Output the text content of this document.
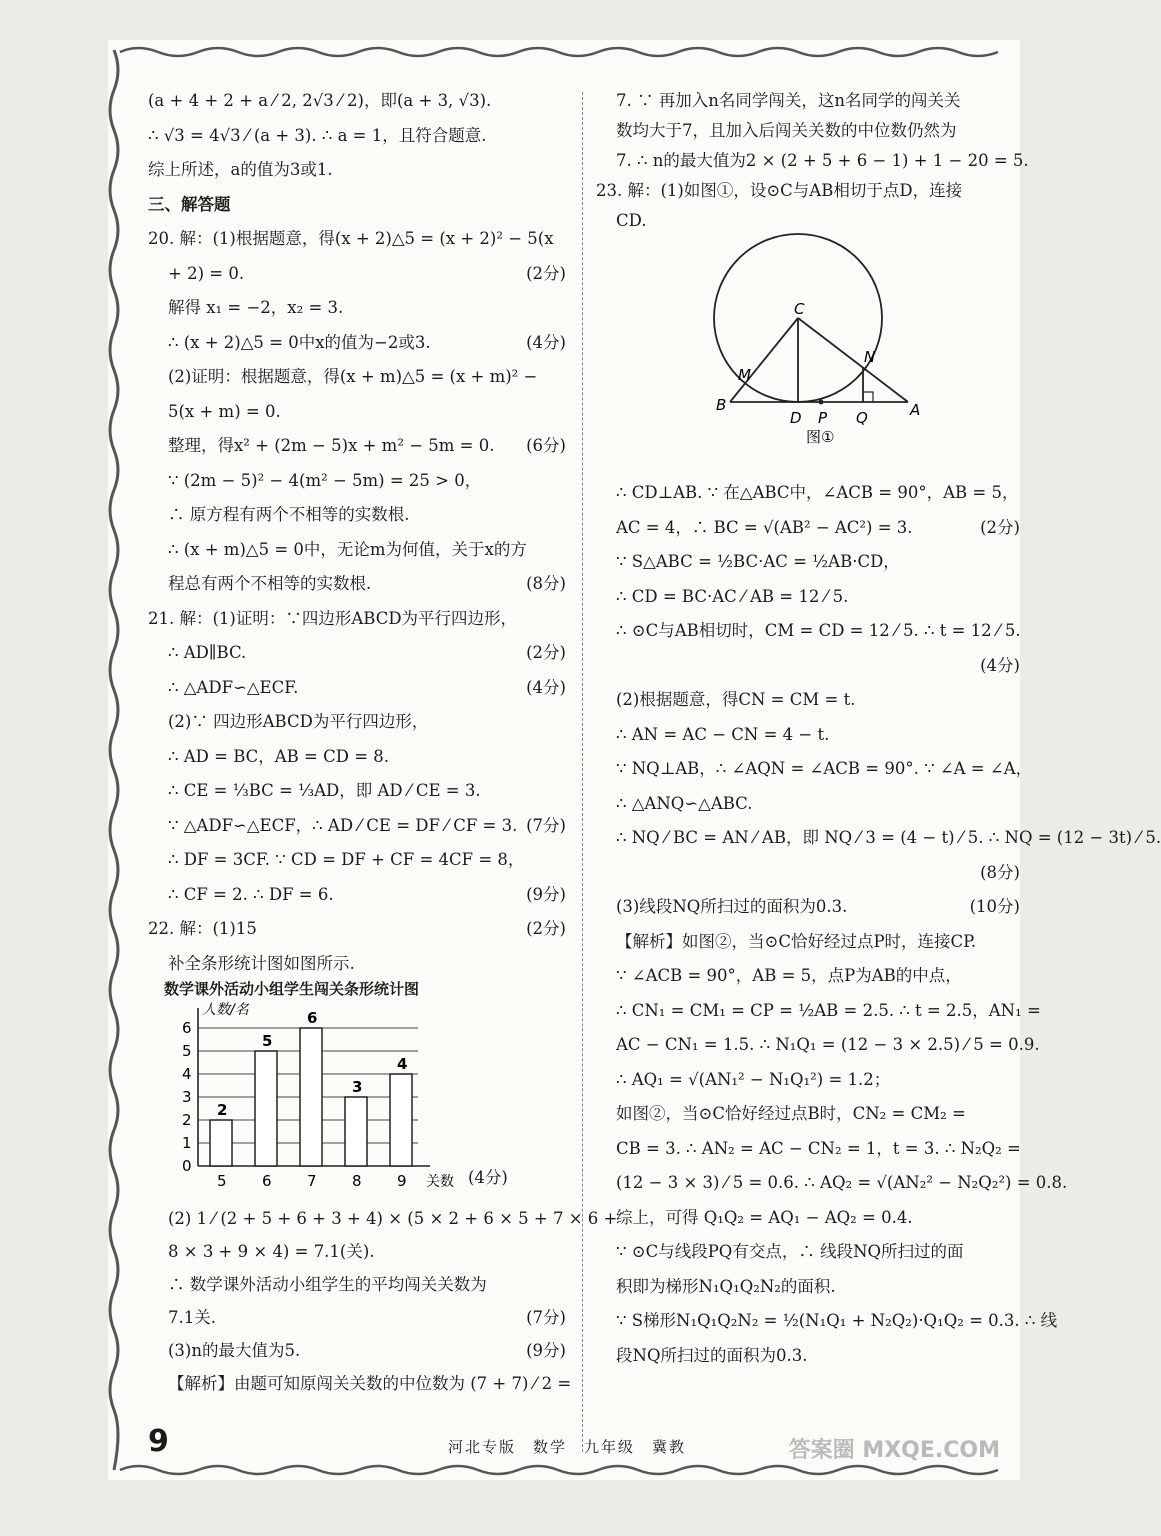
(a + 4 + 2 + a ⁄ 2, 2√3 ⁄ 2)，即(a + 3, √3).
∴ √3 = 4√3 ⁄ (a + 3). ∴ a = 1，且符合题意.
综上所述，a的值为3或1.
三、解答题
20. 解：(1)根据题意，得(x + 2)△5 = (x + 2)² − 5(x
+ 2) = 0.	(2分)
解得 x₁ = −2，x₂ = 3.
∴ (x + 2)△5 = 0中x的值为−2或3.	(4分)
(2)证明：根据题意，得(x + m)△5 = (x + m)² −
5(x + m) = 0.
整理，得x² + (2m − 5)x + m² − 5m = 0. (6分)
∵ (2m − 5)² − 4(m² − 5m) = 25 > 0，
∴ 原方程有两个不相等的实数根.
∴ (x + m)△5 = 0中，无论m为何值，关于x的方
程总有两个不相等的实数根.	(8分)
21. 解：(1)证明：∵四边形ABCD为平行四边形，
∴ AD∥BC.	(2分)
∴ △ADF∽△ECF.	(4分)
(2)∵ 四边形ABCD为平行四边形，
∴ AD = BC，AB = CD = 8.
∴ CE = ⅓BC = ⅓AD，即 AD ⁄ CE = 3.
∵ △ADF∽△ECF，∴ AD ⁄ CE = DF ⁄ CF = 3. (7分)
∴ DF = 3CF. ∵ CD = DF + CF = 4CF = 8，
∴ CF = 2. ∴ DF = 6.	(9分)
22. 解：(1)15	(2分)
补全条形统计图如图所示.
数学课外活动小组学生闯关条形统计图
0
1
2
3
4
5
6
人数/名
关数
2
5
5
6
6
7
3
8
4
9	(4分)
(2) 1 ⁄ (2 + 5 + 6 + 3 + 4) × (5 × 2 + 6 × 5 + 7 × 6 +
8 × 3 + 9 × 4) = 7.1(关).
∴ 数学课外活动小组学生的平均闯关关数为
7.1关.	(7分)
(3)n的最大值为5.	(9分)
【解析】由题可知原闯关关数的中位数为 (7 + 7) ⁄ 2 =
7. ∵ 再加入n名同学闯关，这n名同学的闯关关
数均大于7，且加入后闯关关数的中位数仍然为
7. ∴ n的最大值为2 × (2 + 5 + 6 − 1) + 1 − 20 = 5.
23. 解：(1)如图①，设⊙C与AB相切于点D，连接
CD.
C
M
N
B
D P Q	A
图①
∴ CD⊥AB. ∵ 在△ABC中，∠ACB = 90°，AB = 5，
AC = 4，∴ BC = √(AB² − AC²) = 3.	(2分)
∵ S△ABC = ½BC·AC = ½AB·CD，
∴ CD = BC·AC ⁄ AB = 12 ⁄ 5.
∴ ⊙C与AB相切时，CM = CD = 12 ⁄ 5. ∴ t = 12 ⁄ 5.
(4分)
(2)根据题意，得CN = CM = t.
∴ AN = AC − CN = 4 − t.
∵ NQ⊥AB，∴ ∠AQN = ∠ACB = 90°. ∵ ∠A = ∠A，
∴ △ANQ∽△ABC.
∴ NQ ⁄ BC = AN ⁄ AB，即 NQ ⁄ 3 = (4 − t) ⁄ 5. ∴ NQ = (12 − 3t) ⁄ 5.
(8分)
(3)线段NQ所扫过的面积为0.3.	(10分)
【解析】如图②，当⊙C恰好经过点P时，连接CP.
∵ ∠ACB = 90°，AB = 5，点P为AB的中点，
∴ CN₁ = CM₁ = CP = ½AB = 2.5. ∴ t = 2.5，AN₁ =
AC − CN₁ = 1.5. ∴ N₁Q₁ = (12 − 3 × 2.5) ⁄ 5 = 0.9.
∴ AQ₁ = √(AN₁² − N₁Q₁²) = 1.2；
如图②，当⊙C恰好经过点B时，CN₂ = CM₂ =
CB = 3. ∴ AN₂ = AC − CN₂ = 1，t = 3. ∴ N₂Q₂ =
(12 − 3 × 3) ⁄ 5 = 0.6. ∴ AQ₂ = √(AN₂² − N₂Q₂²) = 0.8.
综上，可得 Q₁Q₂ = AQ₁ − AQ₂ = 0.4.
∵ ⊙C与线段PQ有交点，∴ 线段NQ所扫过的面
积即为梯形N₁Q₁Q₂N₂的面积.
∵ S梯形N₁Q₁Q₂N₂ = ½(N₁Q₁ + N₂Q₂)·Q₁Q₂ = 0.3. ∴ 线
段NQ所扫过的面积为0.3.
9	河北专版　数学　九年级　冀教	答案圈 MXQE.COM
